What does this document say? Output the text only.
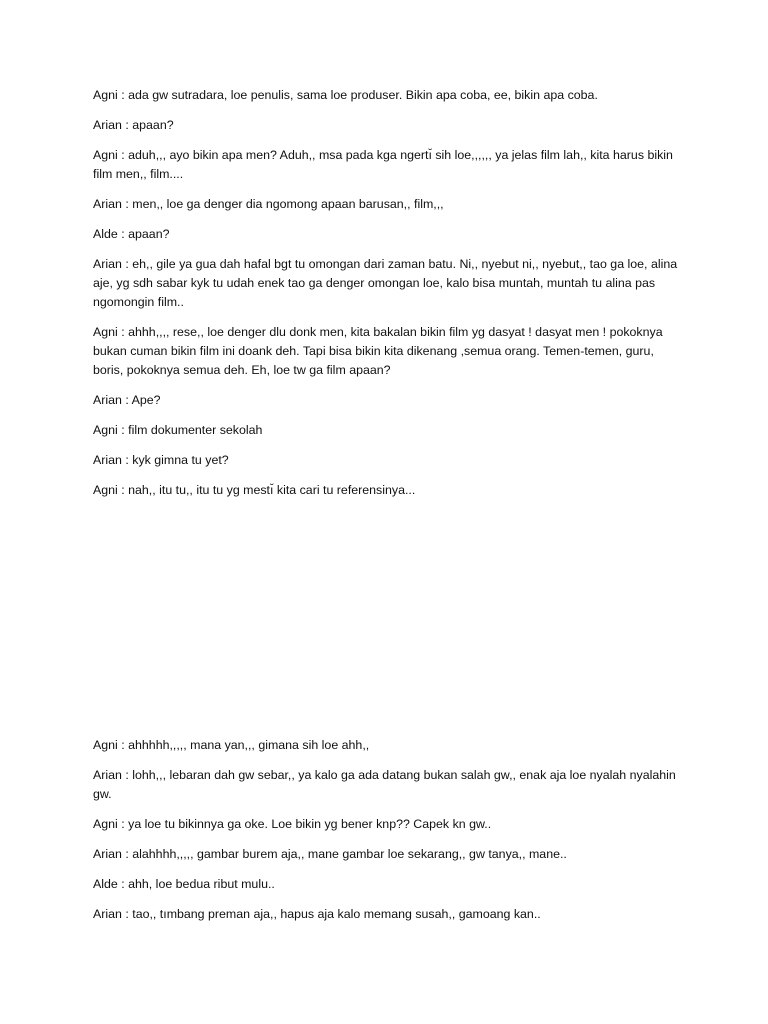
Agni : ada gw sutradara, loe penulis, sama loe produser. Bikin apa coba, ee, bikin apa coba.

Arian : apaan?

Agni : aduh,,, ayo bikin apa men? Aduh,, msa pada kga ngertı̆ sih loe,,,,,, ya jelas film lah,, kita harus bikin film men,, film....

Arian : men,, loe ga denger dia ngomong apaan barusan,, film,,,

Alde : apaan?

Arian : eh,, gile ya gua dah hafal bgt tu omongan dari zaman batu. Ni,, nyebut ni,, nyebut,, tao ga loe, alina aje, yg sdh sabar kyk tu udah enek tao ga denger omongan loe, kalo bisa muntah, muntah tu alina pas ngomongin film..

Agni : ahhh,,,, rese,, loe denger dlu donk men, kita bakalan bikin film yg dasyat ! dasyat men ! pokoknya bukan cuman bikin film ini doank deh. Tapi bisa bikin kita dikenang ,semua orang. Temen-temen, guru, boris, pokoknya semua deh. Eh, loe tw ga film apaan?

Arian : Ape?

Agni : film dokumenter sekolah

Arian : kyk gimna tu yet?

Agni : nah,, itu tu,, itu tu yg mestı̆ kita cari tu referensinya...

Agni : ahhhhh,,,,, mana yan,,, gimana sih loe ahh,,

Arian : lohh,,, lebaran dah gw sebar,, ya kalo ga ada datang bukan salah gw,, enak aja loe nyalah nyalahin gw.

Agni : ya loe tu bikinnya ga oke. Loe bikin yg bener knp?? Capek kn gw..

Arian : alahhhh,,,,, gambar burem aja,, mane gambar loe sekarang,, gw tanya,, mane..

Alde : ahh, loe bedua ribut mulu..

Arian : tao,, tımbang preman aja,, hapus aja kalo memang susah,, gamoang kan..
